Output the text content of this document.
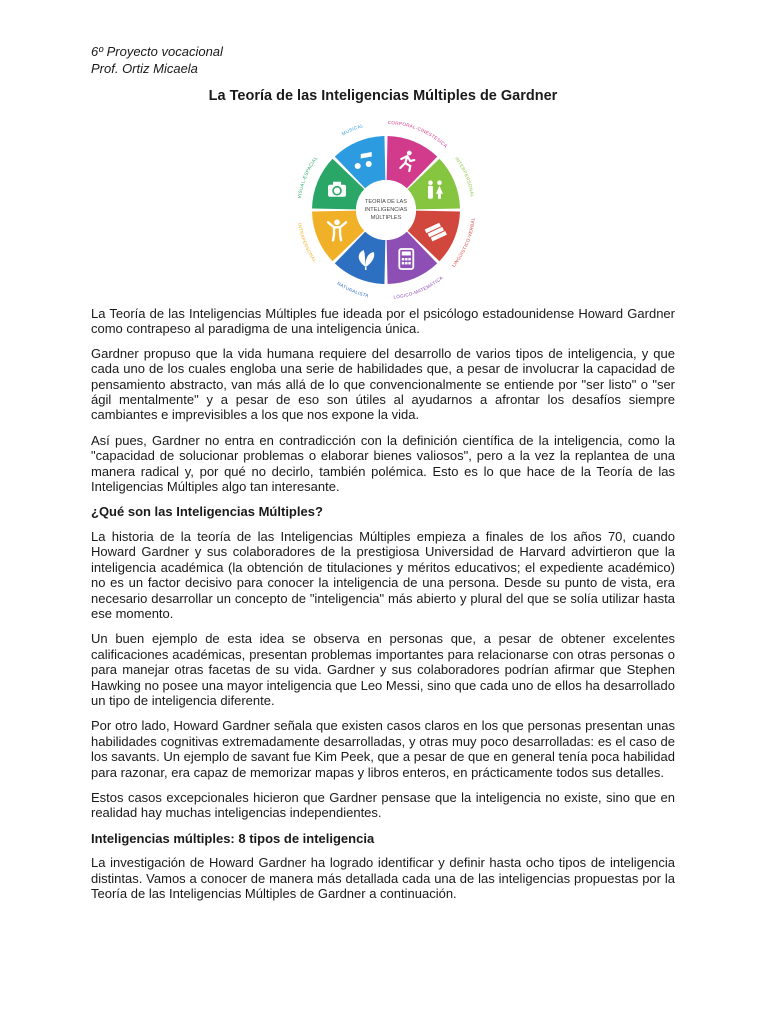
6º Proyecto vocacional
Prof. Ortiz Micaela
La Teoría de las Inteligencias Múltiples de Gardner
MUSICAL
CORPORAL-CINESTÉSICA
INTERPERSONAL
LINGÜÍSTICO-VERBAL
LÓGICO-MATEMÁTICA
NATURALISTA
INTRAPERSONAL
VISUAL-ESPACIAL
TEORÍA DE LAS
INTELIGENCIAS
MÚLTIPLES

La Teoría de las Inteligencias Múltiples fue ideada por el psicólogo estadounidense Howard Gardner como contrapeso al paradigma de una inteligencia única.

Gardner propuso que la vida humana requiere del desarrollo de varios tipos de inteligencia, y que cada uno de los cuales engloba una serie de habilidades que, a pesar de involucrar la capacidad de pensamiento abstracto, van más allá de lo que convencionalmente se entiende por "ser listo" o "ser ágil mentalmente" y a pesar de eso son útiles al ayudarnos a afrontar los desafíos siempre cambiantes e imprevisibles a los que nos expone la vida.

Así pues, Gardner no entra en contradicción con la definición científica de la inteligencia, como la "capacidad de solucionar problemas o elaborar bienes valiosos", pero a la vez la replantea de una manera radical y, por qué no decirlo, también polémica. Esto es lo que hace de la Teoría de las Inteligencias Múltiples algo tan interesante.

¿Qué son las Inteligencias Múltiples?

La historia de la teoría de las Inteligencias Múltiples empieza a finales de los años 70, cuando Howard Gardner y sus colaboradores de la prestigiosa Universidad de Harvard advirtieron que la inteligencia académica (la obtención de titulaciones y méritos educativos; el expediente académico) no es un factor decisivo para conocer la inteligencia de una persona. Desde su punto de vista, era necesario desarrollar un concepto de "inteligencia" más abierto y plural del que se solía utilizar hasta ese momento.

Un buen ejemplo de esta idea se observa en personas que, a pesar de obtener excelentes calificaciones académicas, presentan problemas importantes para relacionarse con otras personas o para manejar otras facetas de su vida. Gardner y sus colaboradores podrían afirmar que Stephen Hawking no posee una mayor inteligencia que Leo Messi, sino que cada uno de ellos ha desarrollado un tipo de inteligencia diferente.

Por otro lado, Howard Gardner señala que existen casos claros en los que personas presentan unas habilidades cognitivas extremadamente desarrolladas, y otras muy poco desarrolladas: es el caso de los savants. Un ejemplo de savant fue Kim Peek, que a pesar de que en general tenía poca habilidad para razonar, era capaz de memorizar mapas y libros enteros, en prácticamente todos sus detalles.

Estos casos excepcionales hicieron que Gardner pensase que la inteligencia no existe, sino que en realidad hay muchas inteligencias independientes.

Inteligencias múltiples: 8 tipos de inteligencia

La investigación de Howard Gardner ha logrado identificar y definir hasta ocho tipos de inteligencia distintas. Vamos a conocer de manera más detallada cada una de las inteligencias propuestas por la Teoría de las Inteligencias Múltiples de Gardner a continuación.
